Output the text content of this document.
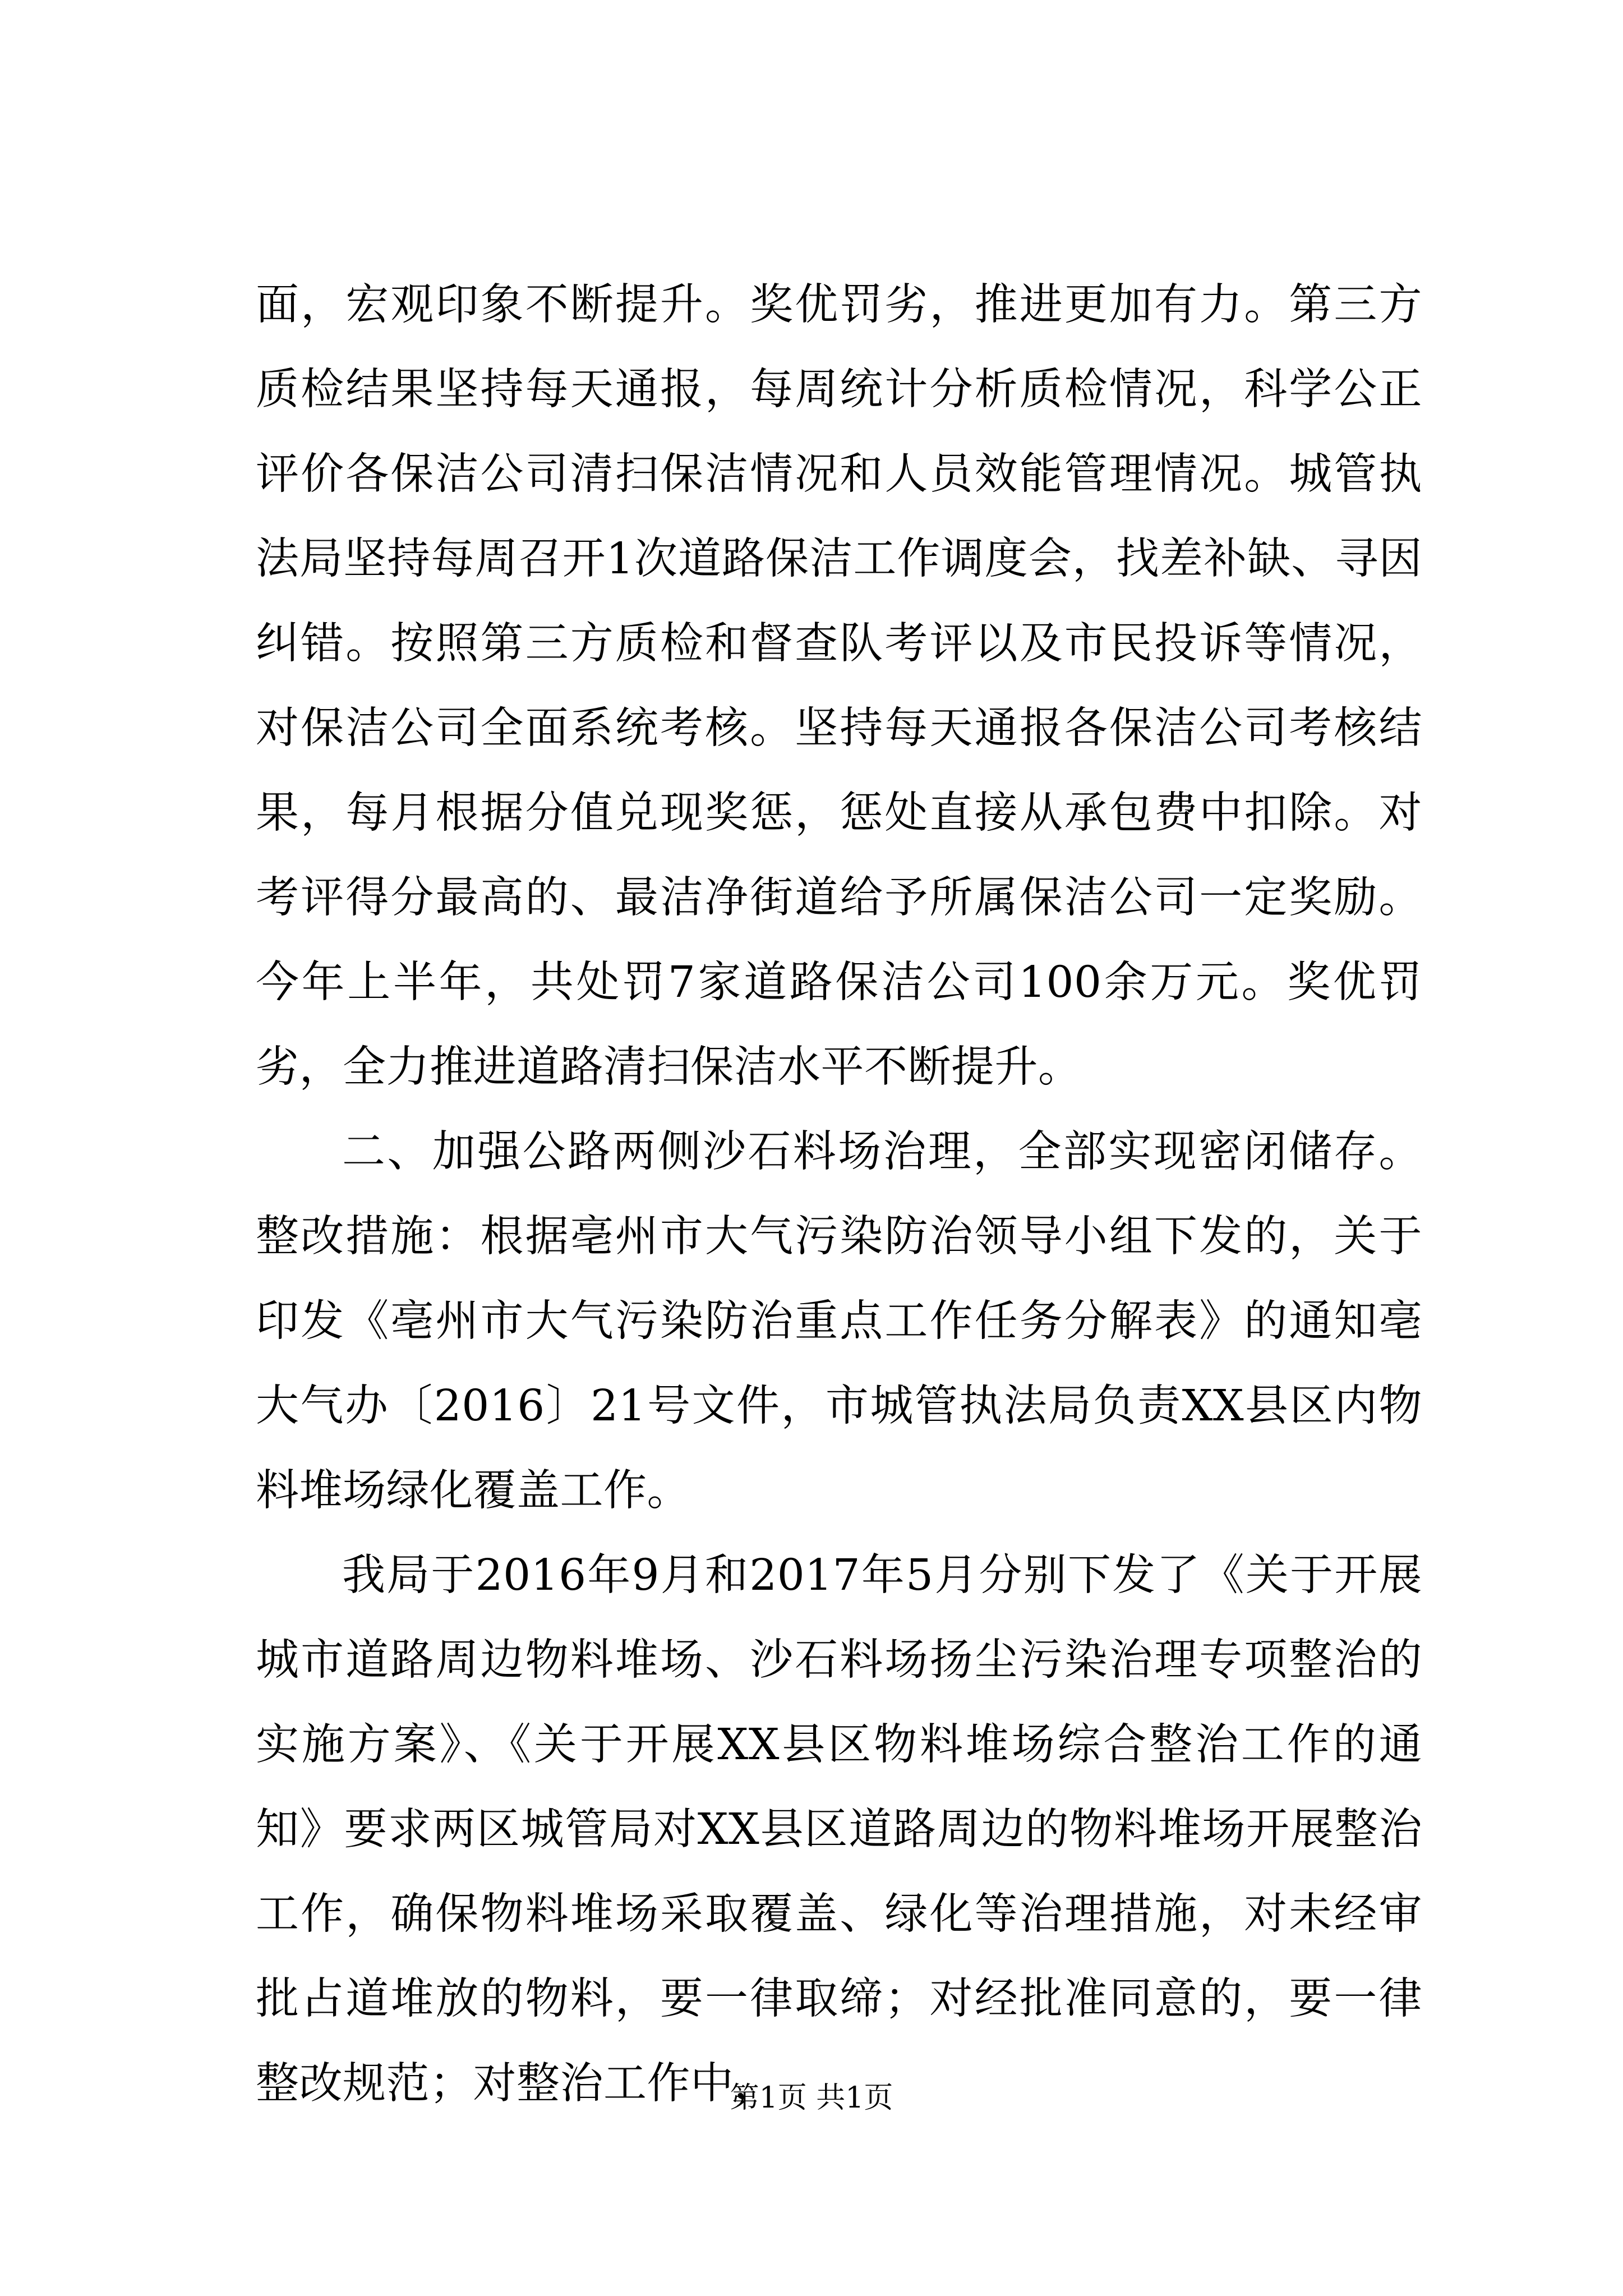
面，宏观印象不断提升。奖优罚劣，推进更加有力。第三方质检结果坚持每天通报，每周统计分析质检情况，科学公正评价各保洁公司清扫保洁情况和人员效能管理情况。城管执法局坚持每周召开1次道路保洁工作调度会，找差补缺、寻因纠错。按照第三方质检和督查队考评以及市民投诉等情况，对保洁公司全面系统考核。坚持每天通报各保洁公司考核结果，每月根据分值兑现奖惩，惩处直接从承包费中扣除。对考评得分最高的、最洁净街道给予所属保洁公司一定奖励。今年上半年，共处罚7家道路保洁公司100余万元。奖优罚劣，全力推进道路清扫保洁水平不断提升。

二、加强公路两侧沙石料场治理，全部实现密闭储存。整改措施：根据亳州市大气污染防治领导小组下发的，关于印发《亳州市大气污染防治重点工作任务分解表》的通知亳大气办〔2016〕21号文件，市城管执法局负责XX县区内物料堆场绿化覆盖工作。

我局于2016年9月和2017年5月分别下发了《关于开展城市道路周边物料堆场、沙石料场扬尘污染治理专项整治的实施方案》、《关于开展XX县区物料堆场综合整治工作的通知》要求两区城管局对XX县区道路周边的物料堆场开展整治工作，确保物料堆场采取覆盖、绿化等治理措施，对未经审批占道堆放的物料，要一律取缔；对经批准同意的，要一律整改规范；对整治工作中，

第1页 共1页
